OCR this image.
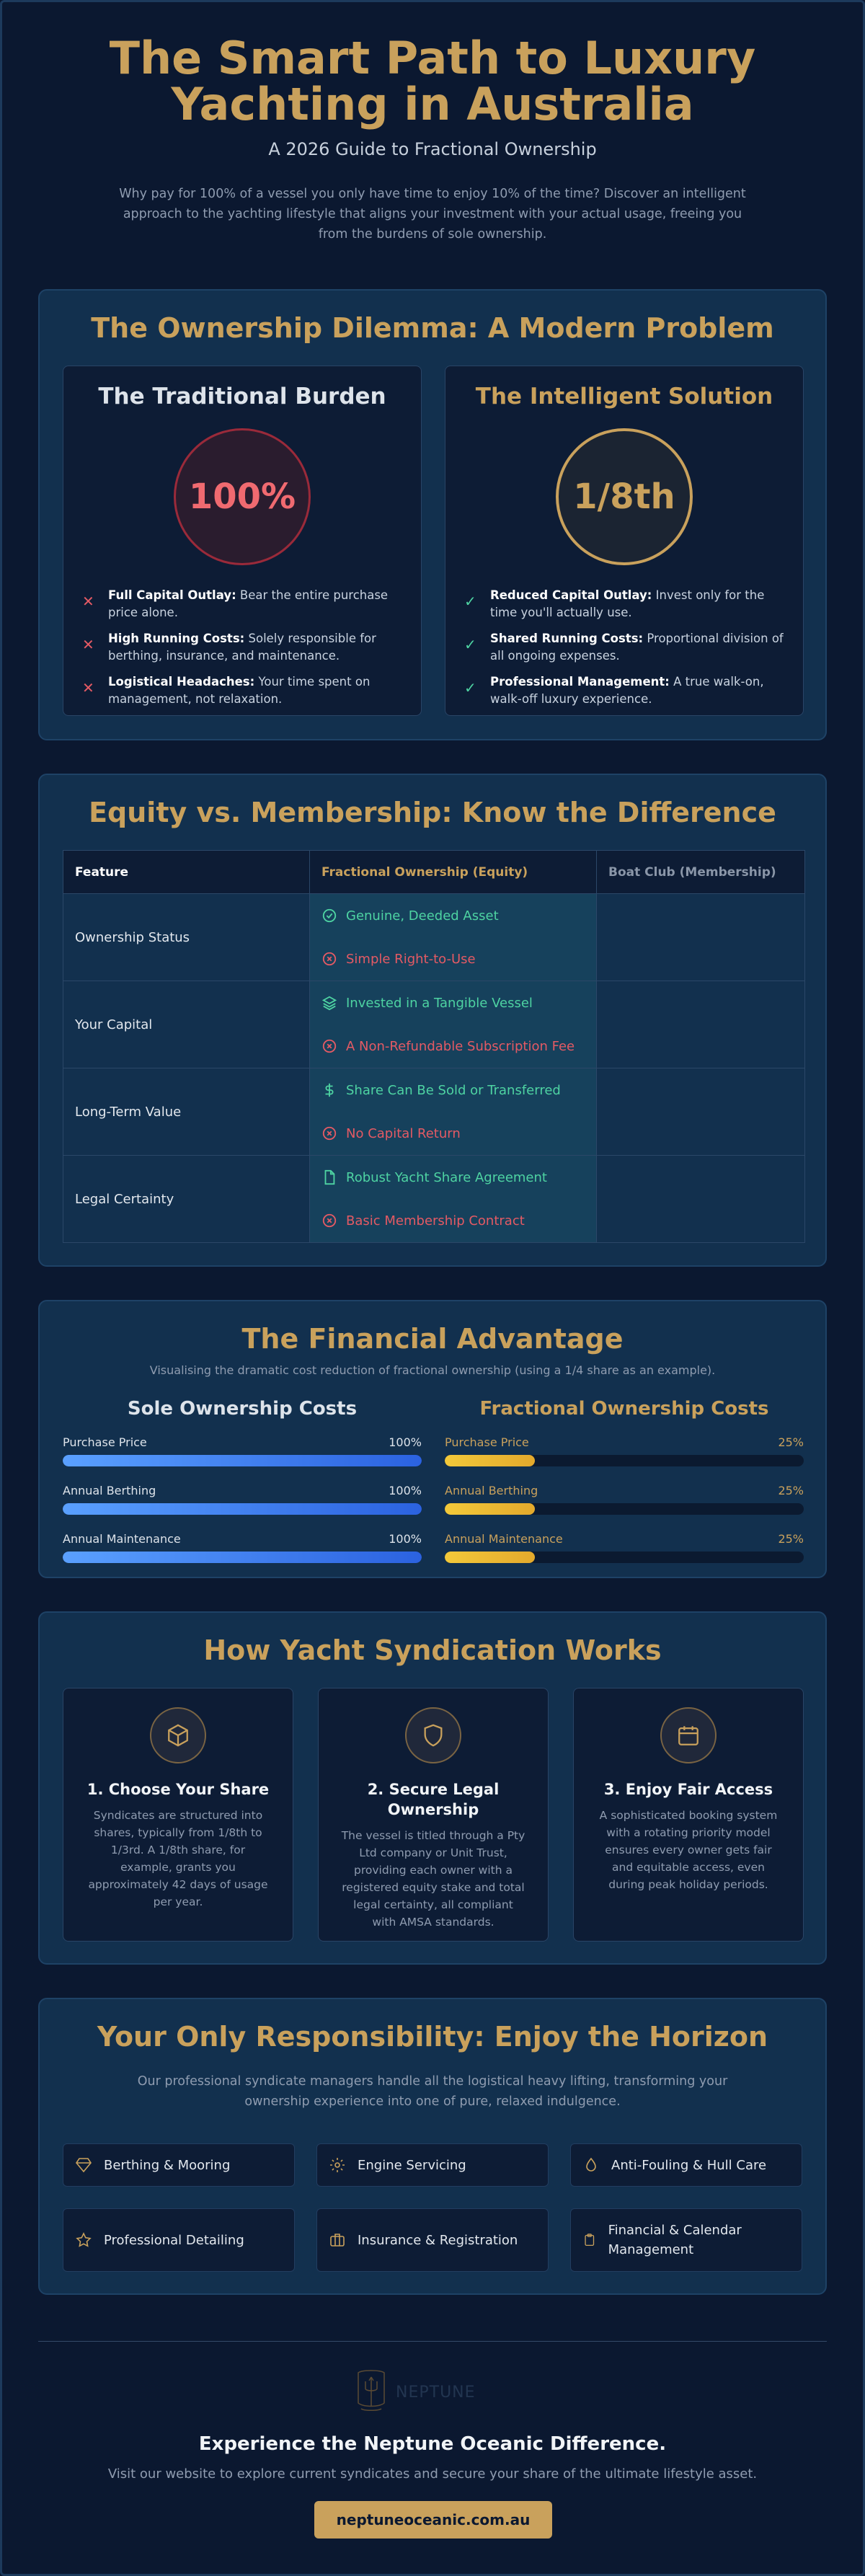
The Smart Path to Luxury Yachting in Australia
A 2026 Guide to Fractional Ownership

Why pay for 100% of a vessel you only have time to enjoy 10% of the time? Discover an intelligent approach to the yachting lifestyle that aligns your investment with your actual usage, freeing you from the burdens of sole ownership.

The Ownership Dilemma: A Modern Problem
The Traditional Burden
100%
✕	Full Capital Outlay: Bear the entire purchase price alone.
✕	High Running Costs: Solely responsible for berthing, insurance, and maintenance.
✕	Logistical Headaches: Your time spent on management, not relaxation.
The Intelligent Solution
1/8th
✓	Reduced Capital Outlay: Invest only for the time you'll actually use.
✓	Shared Running Costs: Proportional division of all ongoing expenses.
✓	Professional Management: A true walk-on, walk-off luxury experience.
Equity vs. Membership: Know the Difference
Feature	Fractional Ownership (Equity)	Boat Club (Membership)
Ownership Status	Genuine, Deeded Asset
Simple Right-to-Use	

Your Capital	Invested in a Tangible Vessel
A Non-Refundable Subscription Fee	

Long-Term Value	Share Can Be Sold or Transferred
No Capital Return	

Legal Certainty	Robust Yacht Share Agreement
Basic Membership Contract	

The Financial Advantage

Visualising the dramatic cost reduction of fractional ownership (using a 1/4 share as an example).

Sole Ownership Costs
Purchase Price	100%
Annual Berthing	100%
Annual Maintenance	100%
Fractional Ownership Costs
Purchase Price	25%
Annual Berthing	25%
Annual Maintenance	25%
How Yacht Syndication Works
1. Choose Your Share

Syndicates are structured into shares, typically from 1/8th to 1/3rd. A 1/8th share, for example, grants you approximately 42 days of usage per year.

2. Secure Legal Ownership

The vessel is titled through a Pty Ltd company or Unit Trust, providing each owner with a registered equity stake and total legal certainty, all compliant with AMSA standards.

3. Enjoy Fair Access

A sophisticated booking system with a rotating priority model ensures every owner gets fair and equitable access, even during peak holiday periods.

Your Only Responsibility: Enjoy the Horizon

Our professional syndicate managers handle all the logistical heavy lifting, transforming your ownership experience into one of pure, relaxed indulgence.

Berthing & Mooring	Engine Servicing	Anti-Fouling & Hull Care
Professional Detailing	Insurance & Registration
Financial & Calendar Management
NEPTUNE
Experience the Neptune Oceanic Difference.
Visit our website to explore current syndicates and secure your share of the ultimate lifestyle asset.
neptuneoceanic.com.au
